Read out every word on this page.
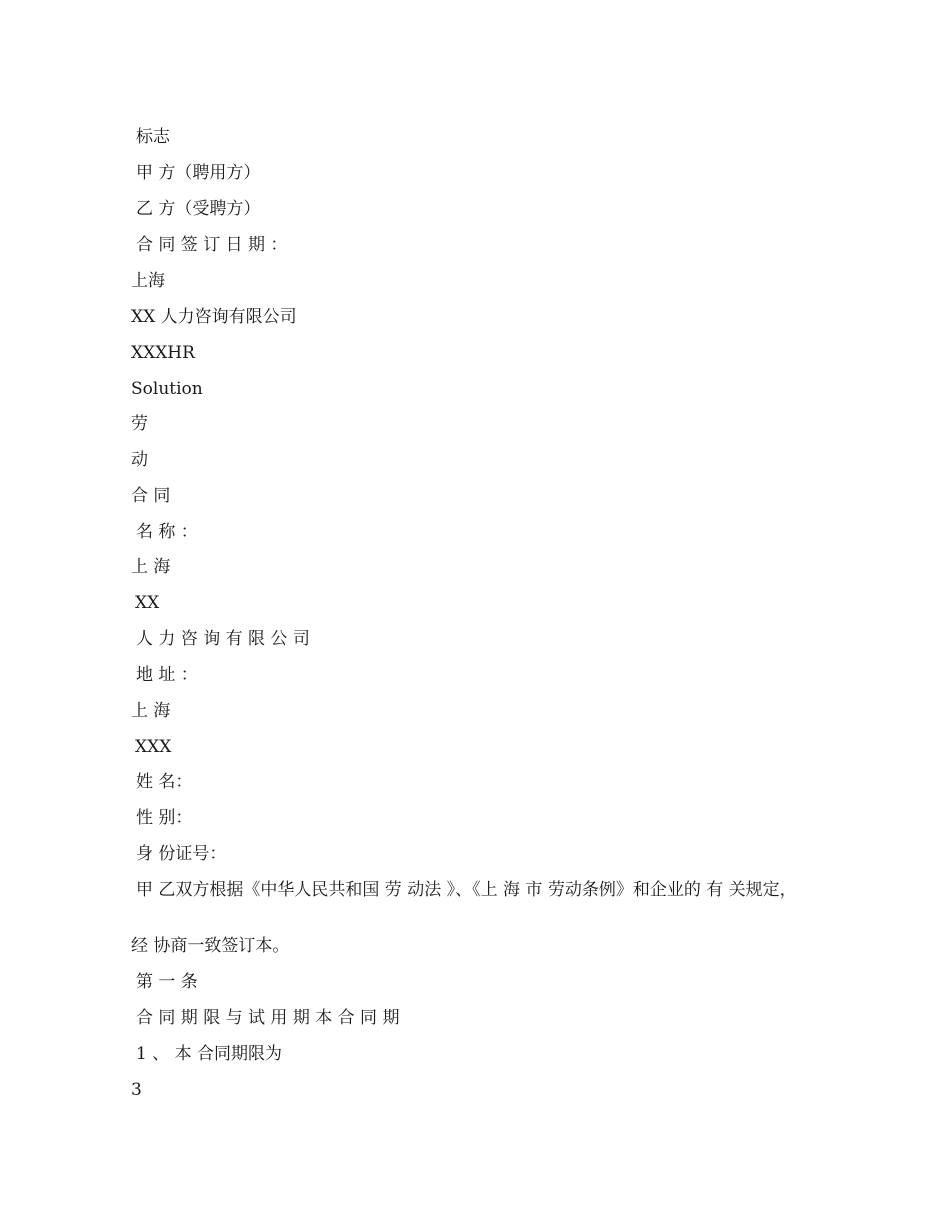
标志
甲 方（聘用方）
乙 方（受聘方）
合 同 签 订 日 期 ：
上海
XX 人力咨询有限公司
XXXHR
Solution
劳
动
合 同
名 称 ：
上 海
XX
人 力 咨 询 有 限 公 司
地 址 ：
上 海
XXX
姓 名：
性 别：
身 份证号：
甲 乙双方根据《中华人民共和国 劳 动法 》、《上 海 市 劳动条例》和企业的 有 关规定，
经 协商一致签订本。
第 一 条
合 同 期 限 与 试 用 期 本 合 同 期
1 、 本 合同期限为
3
